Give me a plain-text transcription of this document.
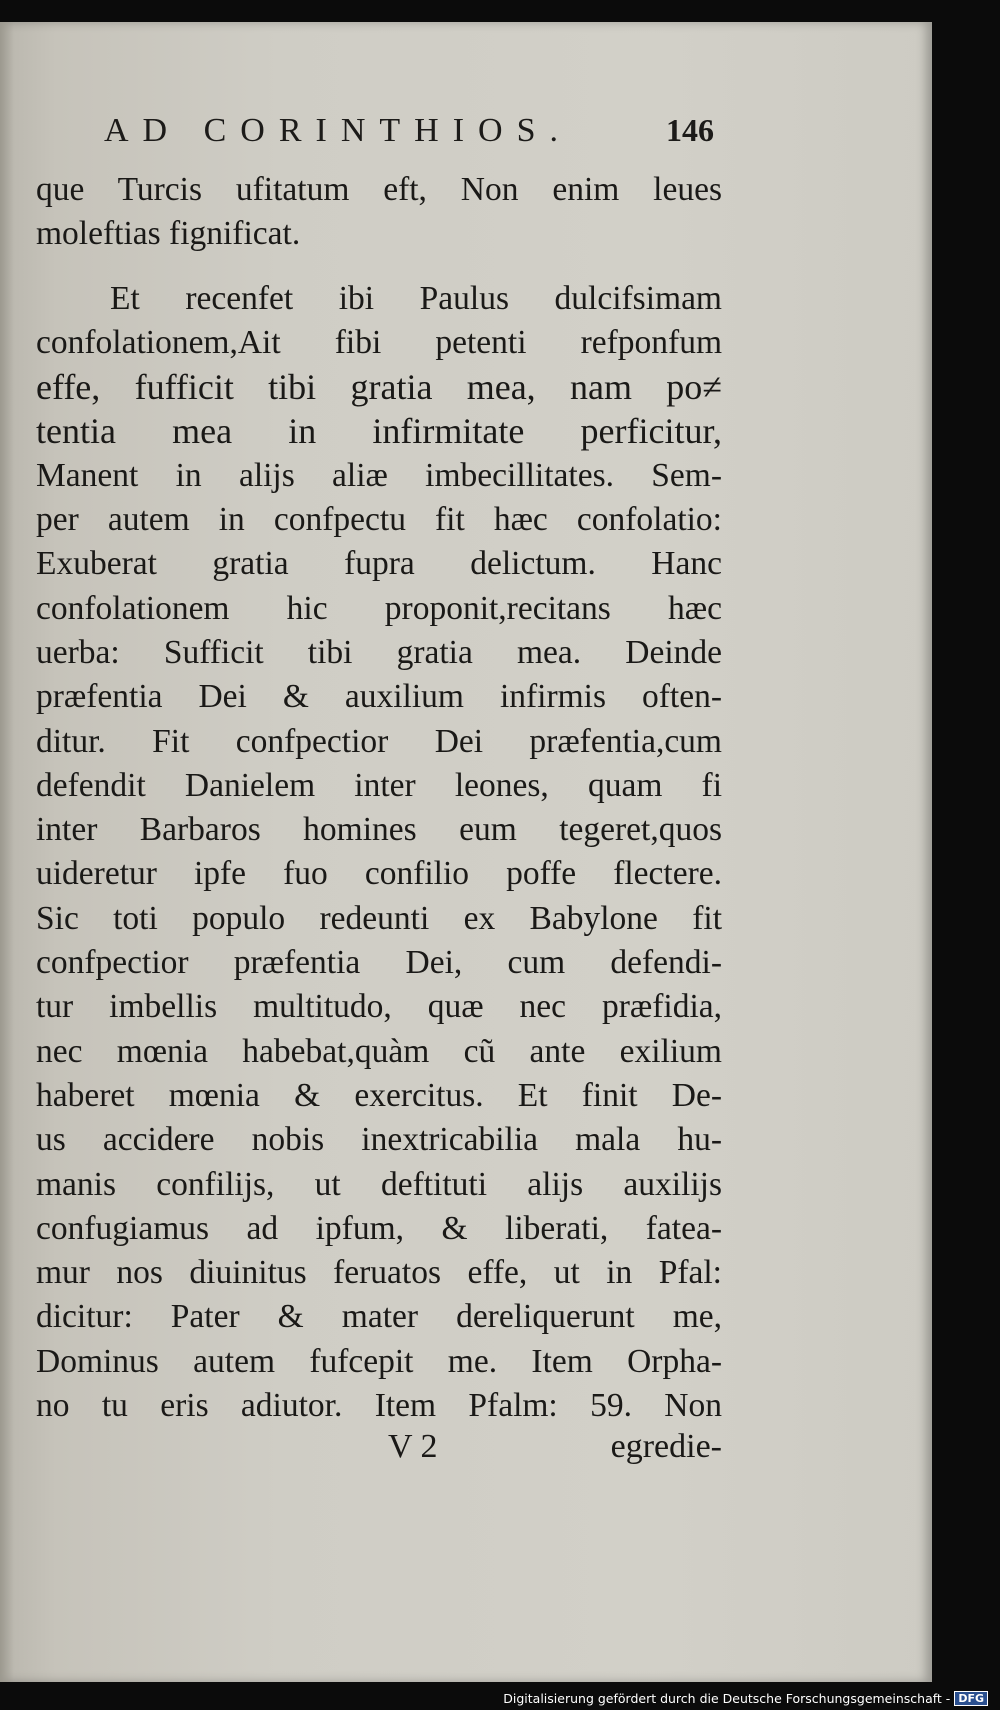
AD CORINTHIOS.	146
que Turcis ufitatum eft, Non enim leues
moleftias fignificat.
Et recenfet ibi Paulus dulcifsimam
confolationem,Ait fibi petenti refponfum
effe, fufficit tibi gratia mea, nam po≠
tentia mea in infirmitate perficitur,
Manent in alijs aliæ imbecillitates. Sem-
per autem in confpectu fit hæc confolatio:
Exuberat gratia fupra delictum. Hanc
confolationem hic proponit,recitans hæc
uerba: Sufficit tibi gratia mea. Deinde
præfentia Dei & auxilium infirmis often-
ditur. Fit confpectior Dei præfentia,cum
defendit Danielem inter leones, quam fi
inter Barbaros homines eum tegeret,quos
uideretur ipfe fuo confilio poffe flectere.
Sic toti populo redeunti ex Babylone fit
confpectior præfentia Dei, cum defendi-
tur imbellis multitudo, quæ nec præfidia,
nec mœnia habebat,quàm cũ ante exilium
haberet mœnia & exercitus. Et finit De-
us accidere nobis inextricabilia mala hu-
manis confilijs, ut deftituti alijs auxilijs
confugiamus ad ipfum, & liberati, fatea-
mur nos diuinitus feruatos effe, ut in Pfal:
dicitur: Pater & mater dereliquerunt me,
Dominus autem fufcepit me. Item Orpha-
no tu eris adiutor. Item Pfalm: 59. Non
V 2	egredie-
Digitalisierung gefördert durch die Deutsche Forschungsgemeinschaft - DFG
